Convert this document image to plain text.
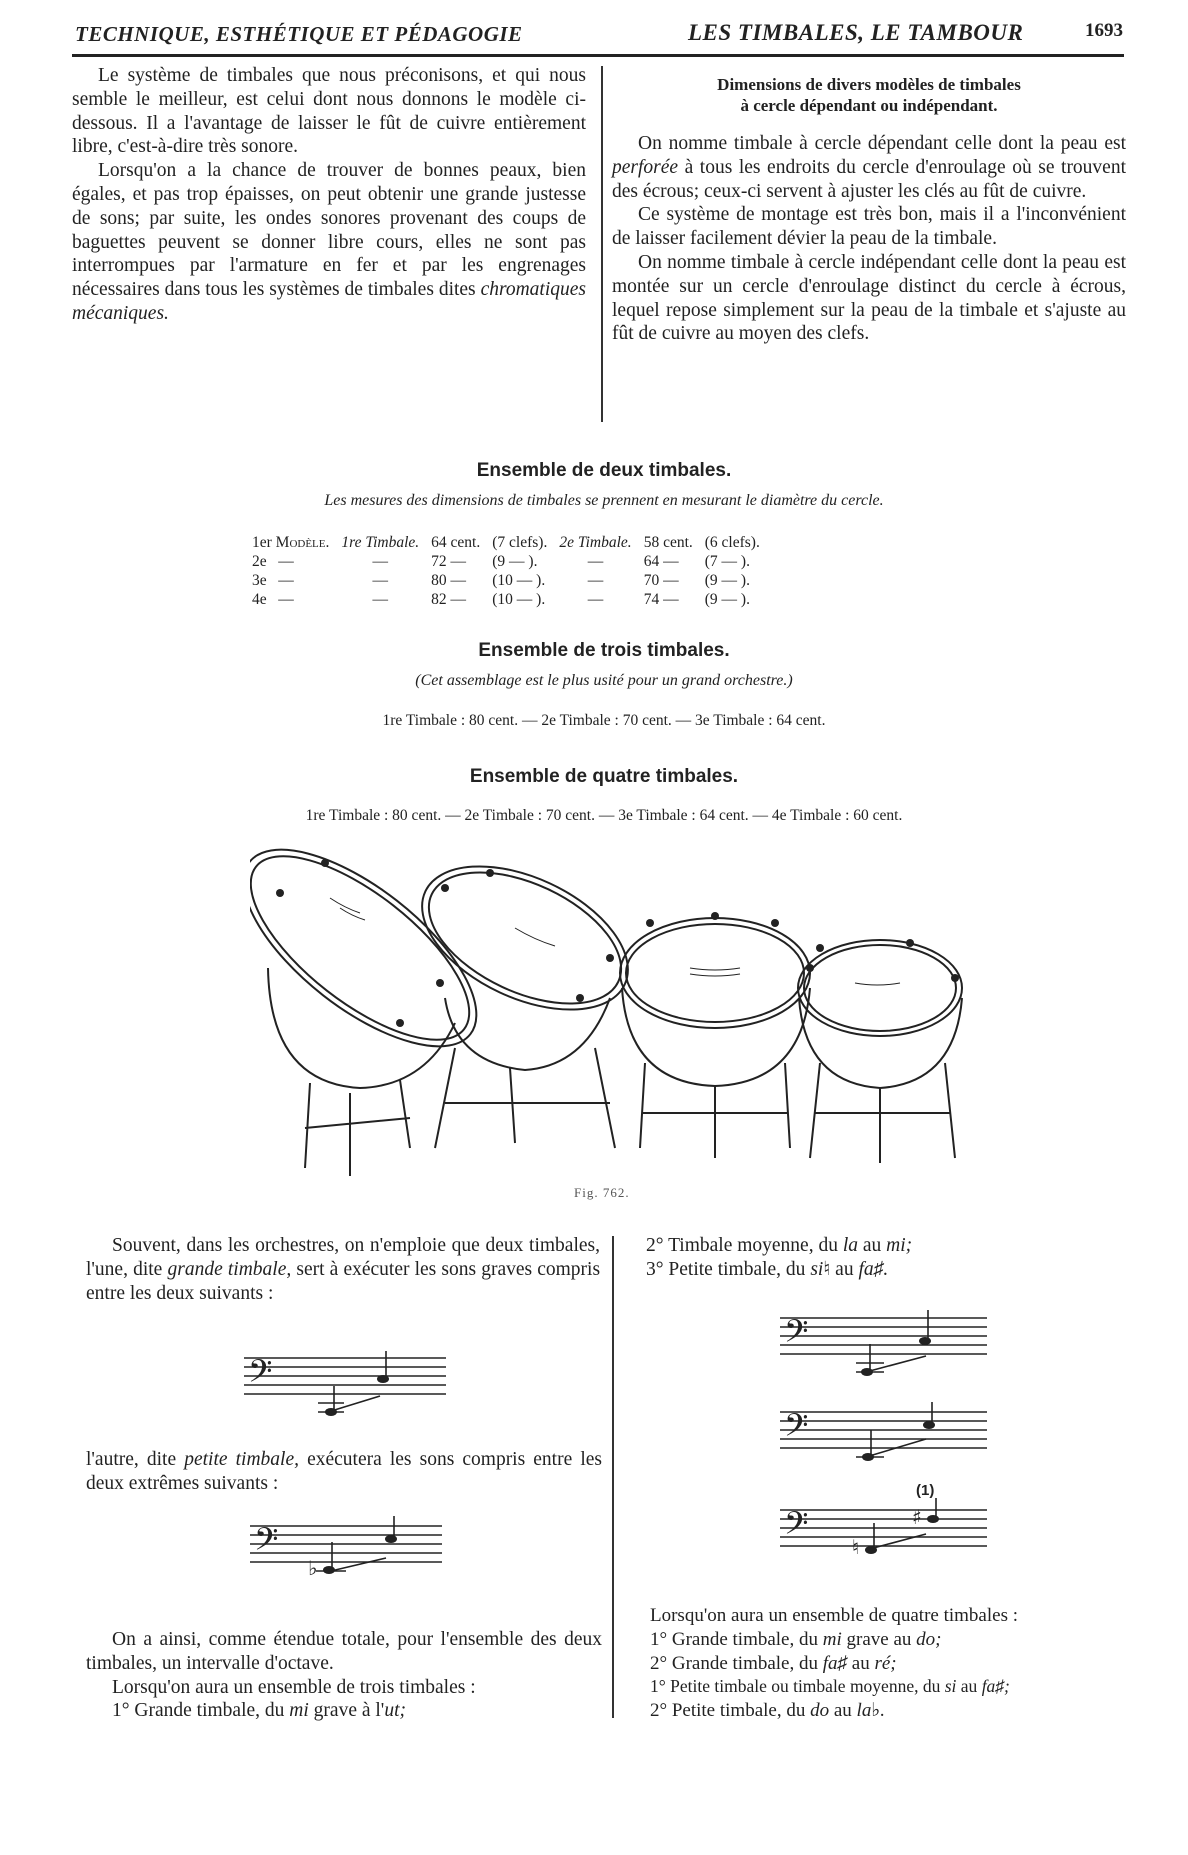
TECHNIQUE, ESTHÉTIQUE ET PÉDAGOGIE	LES TIMBALES, LE TAMBOUR	1693

Le système de timbales que nous préconisons, et qui nous semble le meilleur, est celui dont nous donnons le modèle ci-dessous. Il a l'avantage de laisser le fût de cuivre entièrement libre, c'est-à-dire très sonore.

Lorsqu'on a la chance de trouver de bonnes peaux, bien égales, et pas trop épaisses, on peut obtenir une grande justesse de sons; par suite, les ondes sonores provenant des coups de baguettes peuvent se donner libre cours, elles ne sont pas interrompues par l'armature en fer et par les engrenages nécessaires dans tous les systèmes de timbales dites chromatiques mécaniques.

Dimensions de divers modèles de timbales
à cercle dépendant ou indépendant.

On nomme timbale à cercle dépendant celle dont la peau est perforée à tous les endroits du cercle d'enroulage où se trouvent des écrous; ceux-ci servent à ajuster les clés au fût de cuivre.

Ce système de montage est très bon, mais il a l'inconvénient de laisser facilement dévier la peau de la timbale.

On nomme timbale à cercle indépendant celle dont la peau est montée sur un cercle d'enroulage distinct du cercle à écrous, lequel repose simplement sur la peau de la timbale et s'ajuste au fût de cuivre au moyen des clefs.

Ensemble de deux timbales.
Les mesures des dimensions de timbales se prennent en mesurant le diamètre du cercle.
1er Modèle.	1re Timbale.	64 cent.	(7 clefs).	2e Timbale.	58 cent.	(6 clefs).
2e —	—	72 —	(9 — ).	—	64 —	(7 — ).
3e —	—	80 —	(10 — ).	—	70 —	(9 — ).
4e —	—	82 —	(10 — ).	—	74 —	(9 — ).
Ensemble de trois timbales.
(Cet assemblage est le plus usité pour un grand orchestre.)
1re Timbale : 80 cent. — 2e Timbale : 70 cent. — 3e Timbale : 64 cent.
Ensemble de quatre timbales.
1re Timbale : 80 cent. — 2e Timbale : 70 cent. — 3e Timbale : 64 cent. — 4e Timbale : 60 cent.
Fig. 762.

Souvent, dans les orchestres, on n'emploie que deux timbales, l'une, dite grande timbale, sert à exécuter les sons graves compris entre les deux suivants :

𝄢

l'autre, dite petite timbale, exécutera les sons compris entre les deux extrêmes suivants :

𝄢
♭

On a ainsi, comme étendue totale, pour l'ensemble des deux timbales, un intervalle d'octave.

Lorsqu'on aura un ensemble de trois timbales :

1° Grande timbale, du mi grave à l'ut;

2° Timbale moyenne, du la au mi;
3° Petite timbale, du si♮ au fa♯.
𝄢
𝄢
(1)
𝄢 ♮
♯
Lorsqu'on aura un ensemble de quatre timbales :
1° Grande timbale, du mi grave au do;
2° Grande timbale, du fa♯ au ré;
1° Petite timbale ou timbale moyenne, du si au fa♯;
2° Petite timbale, du do au la♭.
